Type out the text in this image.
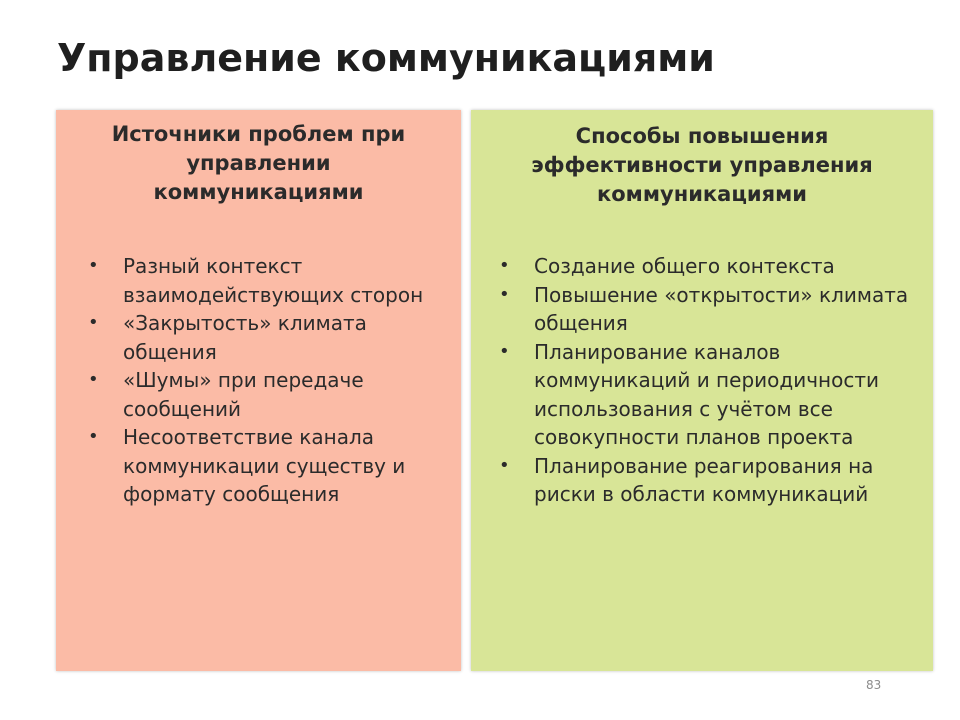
Управление коммуникациями
Источники проблем при управлении коммуникациями
• Разный контекст взаимодействующих сторон
• «Закрытость» климата общения
• «Шумы» при передаче сообщений
• Несоответствие канала коммуникации существу и формату сообщения
Способы повышения эффективности управления коммуникациями
• Создание общего контекста
• Повышение «открытости» климата общения
• Планирование каналов коммуникаций и периодичности использования с учётом все совокупности планов проекта
• Планирование реагирования на риски в области коммуникаций
83
